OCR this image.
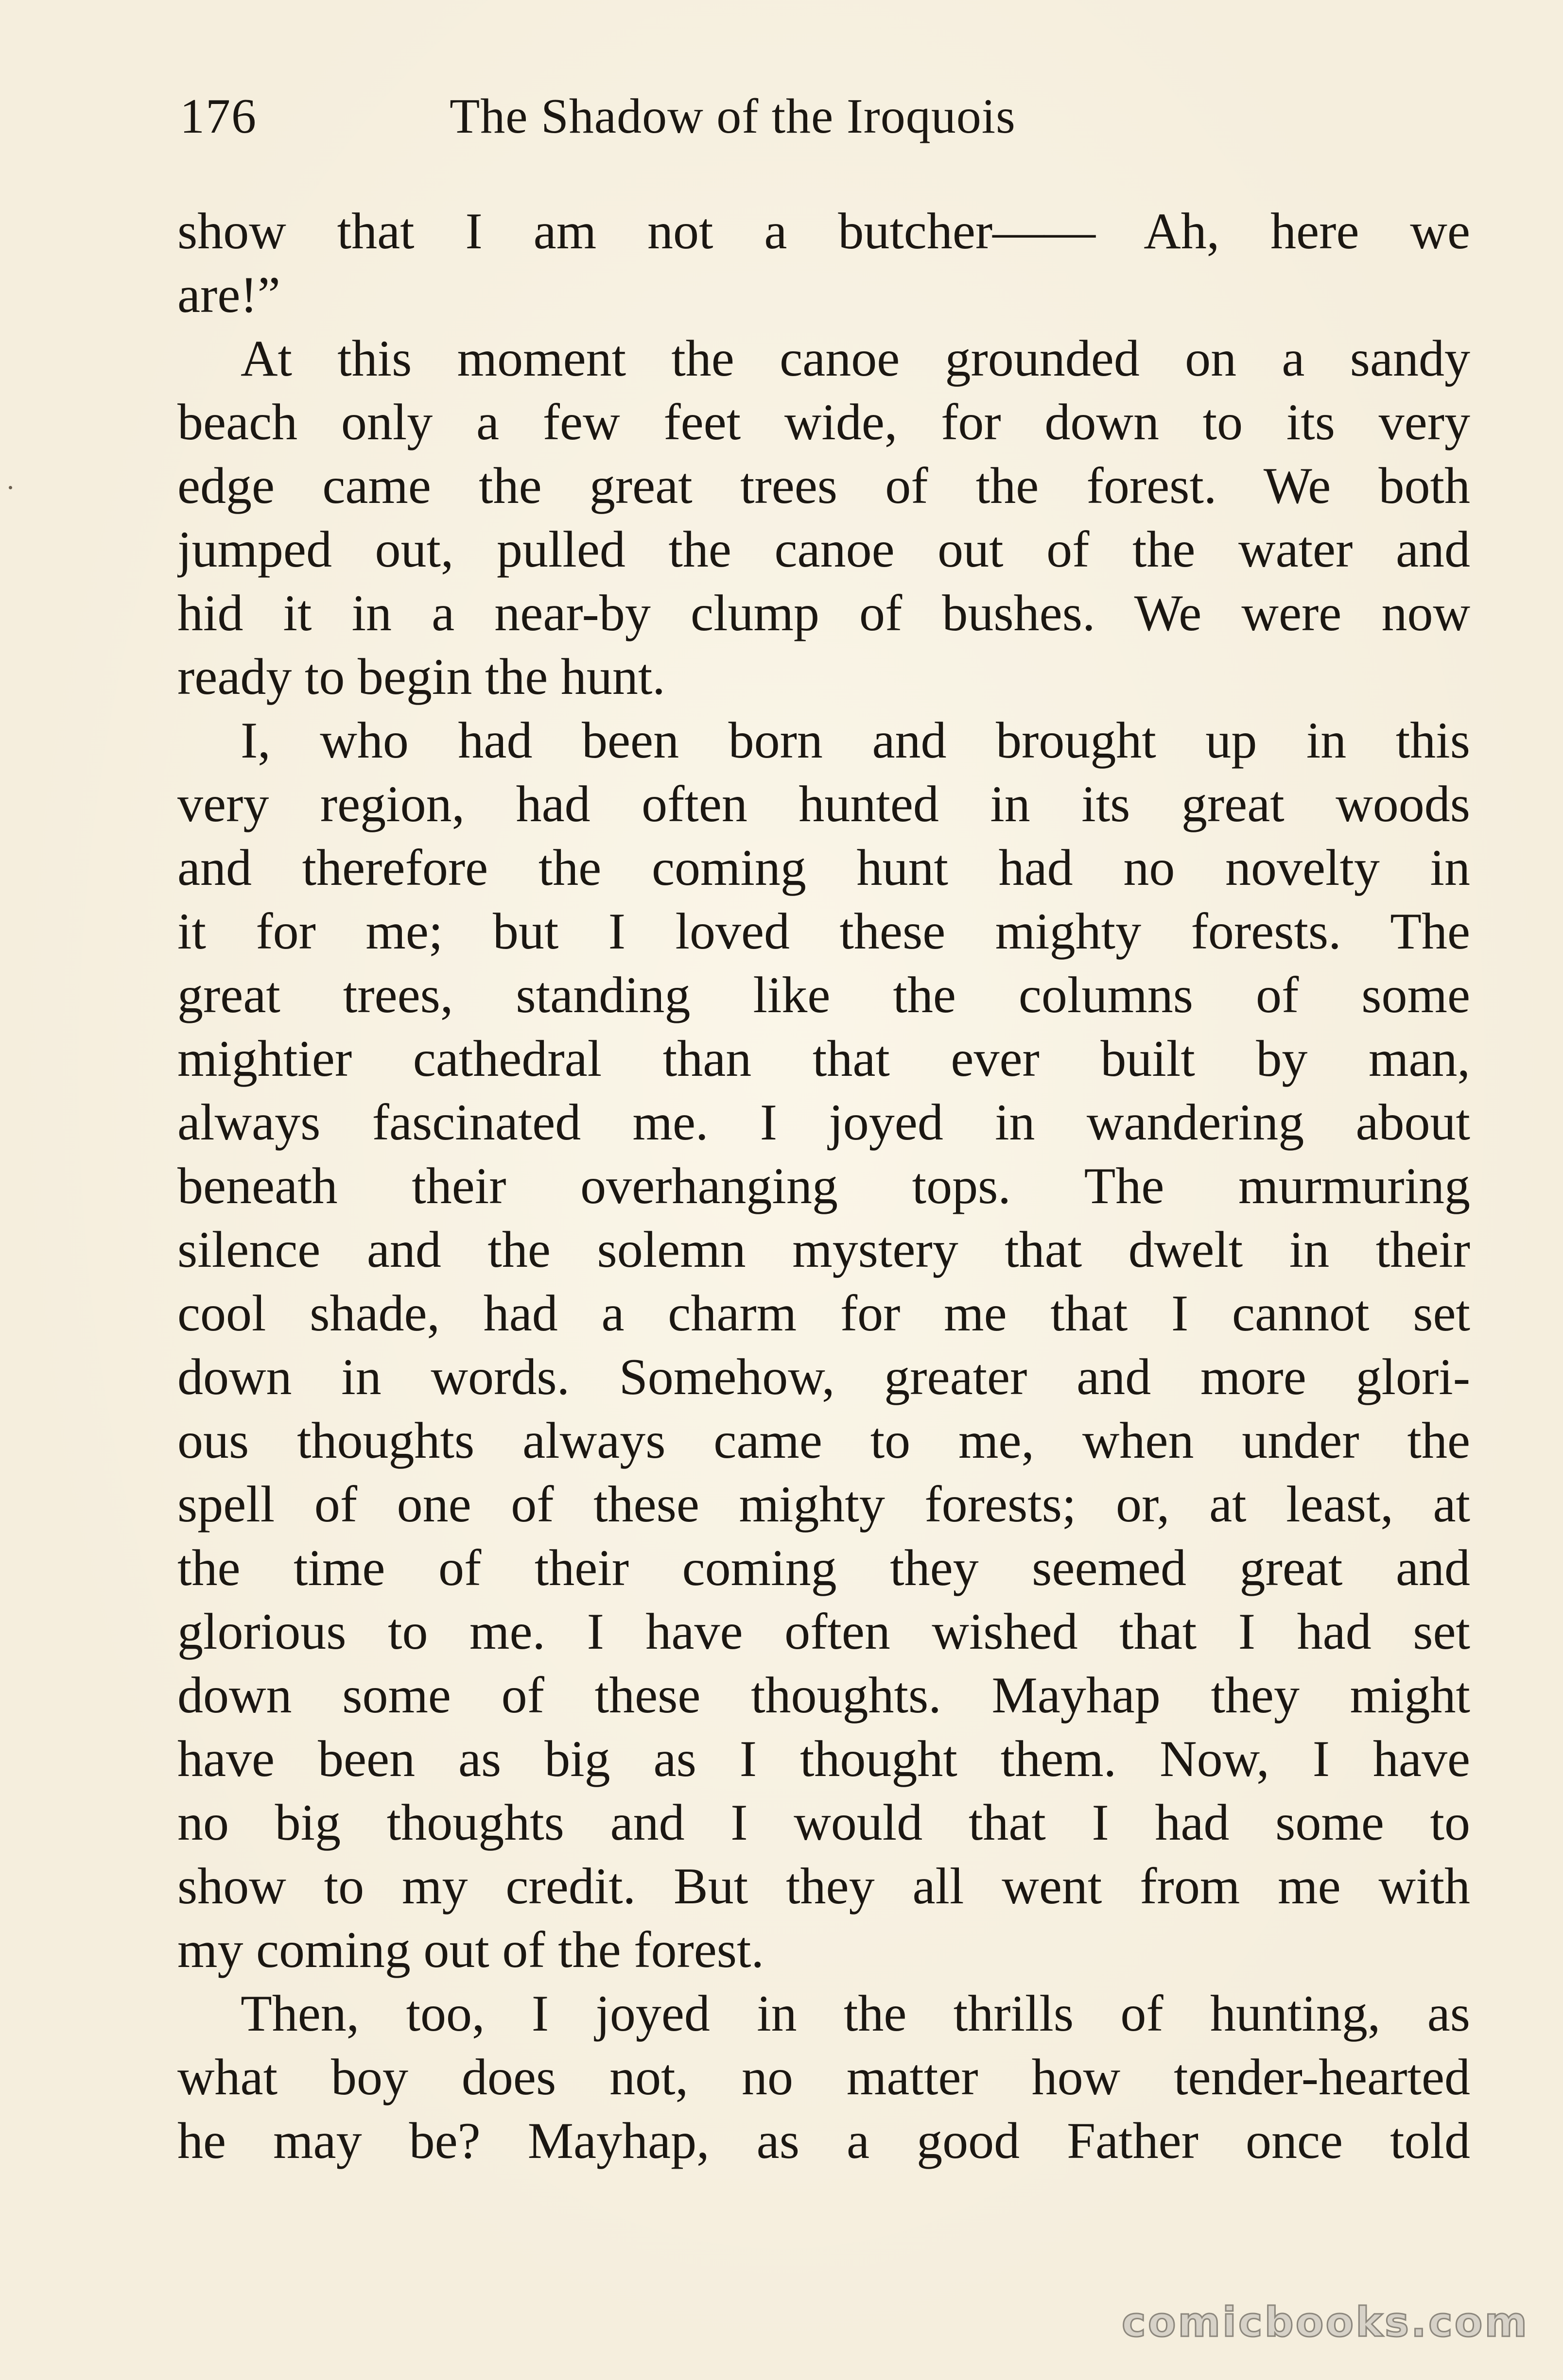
176	The Shadow of the Iroquois
show that I am not a butcher—— Ah, here we
are!”
At this moment the canoe grounded on a sandy
beach only a few feet wide, for down to its very
edge came the great trees of the forest. We both
jumped out, pulled the canoe out of the water and
hid it in a near-by clump of bushes. We were now
ready to begin the hunt.
I, who had been born and brought up in this
very region, had often hunted in its great woods
and therefore the coming hunt had no novelty in
it for me; but I loved these mighty forests. The
great trees, standing like the columns of some
mightier cathedral than that ever built by man,
always fascinated me. I joyed in wandering about
beneath their overhanging tops. The murmuring
silence and the solemn mystery that dwelt in their
cool shade, had a charm for me that I cannot set
down in words. Somehow, greater and more glori-
ous thoughts always came to me, when under the
spell of one of these mighty forests; or, at least, at
the time of their coming they seemed great and
glorious to me. I have often wished that I had set
down some of these thoughts. Mayhap they might
have been as big as I thought them. Now, I have
no big thoughts and I would that I had some to
show to my credit. But they all went from me with
my coming out of the forest.
Then, too, I joyed in the thrills of hunting, as
what boy does not, no matter how tender-hearted
he may be? Mayhap, as a good Father once told
comicbooks.com
